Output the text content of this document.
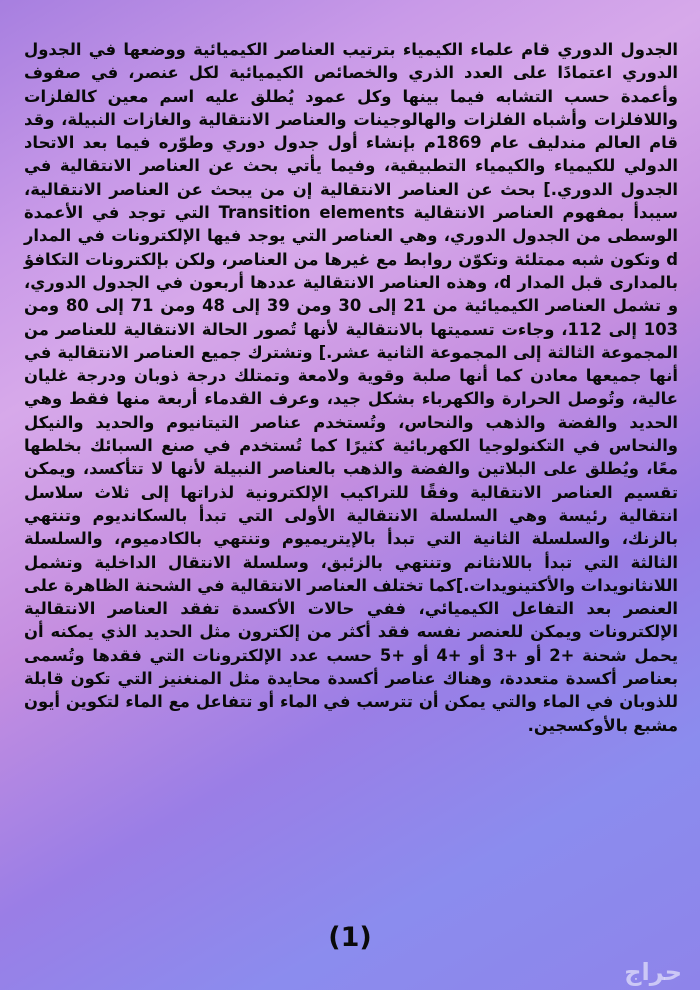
الجدول الدوري قام علماء الكيمياء بترتيب العناصر الكيميائية ووضعها في الجدول الدوري اعتمادًا على العدد الذري والخصائص الكيميائية لكل عنصر، في صفوف وأعمدة حسب التشابه فيما بينها وكل عمود يُطلق عليه اسم معين كالفلزات واللافلزات وأشباه الفلزات والهالوجينات والعناصر الانتقالية والغازات النبيلة، وقد قام العالم مندليف عام 1869م بإنشاء أول جدول دوري وطوّره فيما بعد الاتحاد الدولي للكيمياء والكيمياء التطبيقية، وفيما يأتي بحث عن العناصر الانتقالية في الجدول الدوري.] بحث عن العناصر الانتقالية إن من يبحث عن العناصر الانتقالية، سيبدأ بمفهوم العناصر الانتقالية Transition elements التي توجد في الأعمدة الوسطى من الجدول الدوري، وهي العناصر التي يوجد فيها الإلكترونات في المدار d وتكون شبه ممتلئة وتكوّن روابط مع غيرها من العناصر، ولكن بإلكترونات التكافؤ بالمدارى قبل المدار d، وهذه العناصر الانتقالية عددها أربعون في الجدول الدوري، و تشمل العناصر الكيميائية من 21 إلى 30 ومن 39 إلى 48 ومن 71 إلى 80 ومن 103 إلى 112، وجاءت تسميتها بالانتقالية لأنها تُصور الحالة الانتقالية للعناصر من المجموعة الثالثة إلى المجموعة الثانية عشر.] وتشترك جميع العناصر الانتقالية في أنها جميعها معادن كما أنها صلبة وقوية ولامعة وتمتلك درجة ذوبان ودرجة غليان عالية، وتُوصل الحرارة والكهرباء بشكل جيد، وعرف القدماء أربعة منها فقط وهي الحديد والفضة والذهب والنحاس، وتُستخدم عناصر التيتانيوم والحديد والنيكل والنحاس في التكنولوجيا الكهربائية كثيرًا كما تُستخدم في صنع السبائك بخلطها معًا، ويُطلق على البلاتين والفضة والذهب بالعناصر النبيلة لأنها لا تتأكسد، ويمكن تقسيم العناصر الانتقالية وفقًا للتراكيب الإلكترونية لذراتها إلى ثلاث سلاسل انتقالية رئيسة وهي السلسلة الانتقالية الأولى التي تبدأ بالسكانديوم وتنتهي بالزنك، والسلسلة الثانية التي تبدأ بالإيتريميوم وتنتهي بالكادميوم، والسلسلة الثالثة التي تبدأ باللانثانم وتنتهي بالزئبق، وسلسلة الانتقال الداخلية وتشمل اللانثانويدات والأكتينويدات.]كما تختلف العناصر الانتقالية في الشحنة الظاهرة على العنصر بعد التفاعل الكيميائي، ففي حالات الأكسدة تفقد العناصر الانتقالية الإلكترونات ويمكن للعنصر نفسه فقد أكثر من إلكترون مثل الحديد الذي يمكنه أن يحمل شحنة +2 أو +3 أو +4 أو +5 حسب عدد الإلكترونات التي فقدها وتُسمى بعناصر أكسدة متعددة، وهناك عناصر أكسدة محايدة مثل المنغنيز التي تكون قابلة للذوبان في الماء والتي يمكن أن تترسب في الماء أو تتفاعل مع الماء لتكوين أيون مشبع بالأوكسجين.
(1)
حراج
